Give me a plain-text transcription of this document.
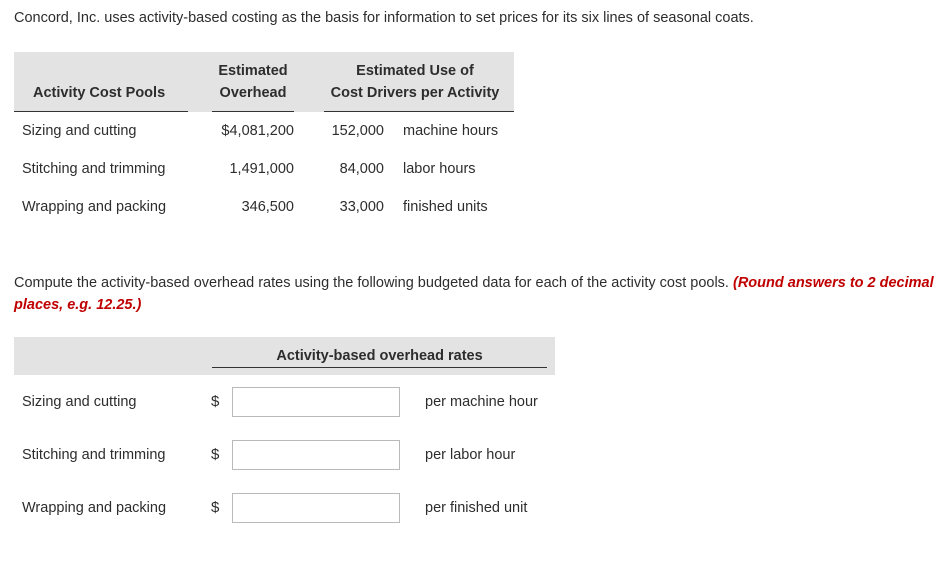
Concord, Inc. uses activity-based costing as the basis for information to set prices for its six lines of seasonal coats.
Activity Cost Pools
Estimated
Overhead
Estimated Use of
Cost Drivers per Activity
Sizing and cutting	$4,081,200	152,000 machine hours
Stitching and trimming	1,491,000	84,000 labor hours
Wrapping and packing	346,500	33,000 finished units
Compute the activity-based overhead rates using the following budgeted data for each of the activity cost pools. (Round answers to 2 decimal places, e.g. 12.25.)
Activity-based overhead rates
Sizing and cutting	$	per machine hour
Stitching and trimming	$	per labor hour
Wrapping and packing	$	per finished unit
